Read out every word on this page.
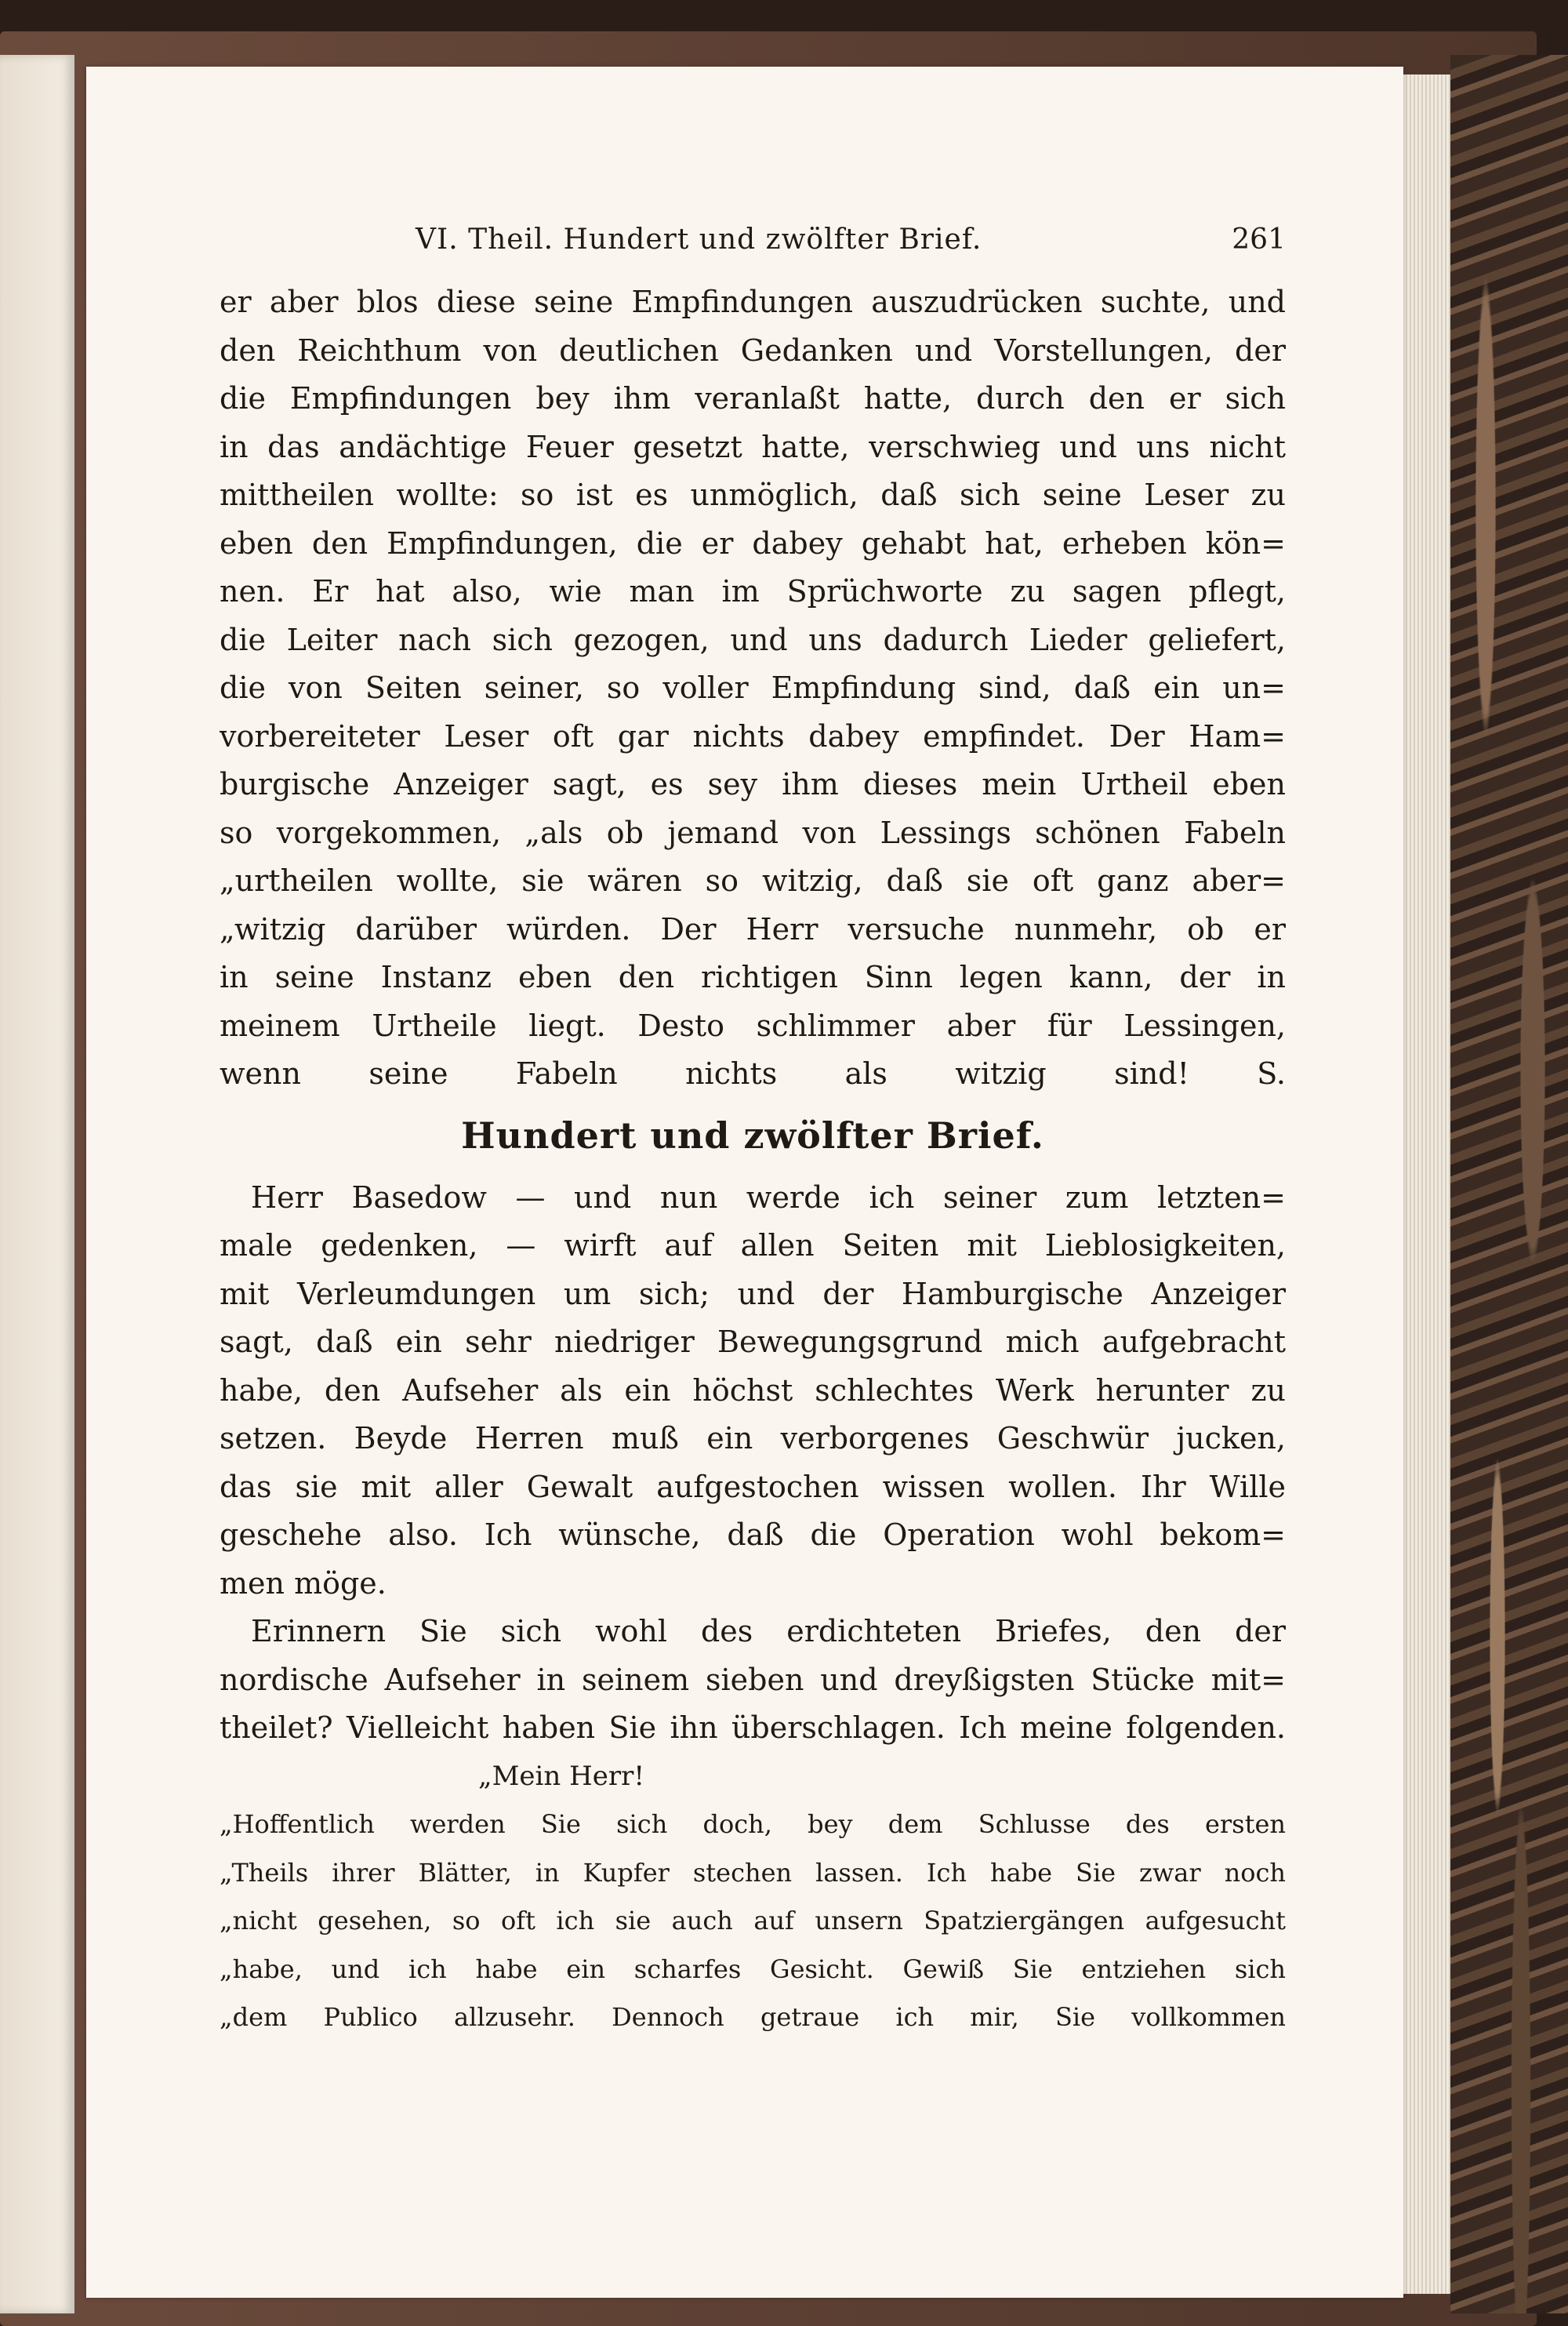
VI. Theil. Hundert und zwölfter Brief.	261
er aber blos diese seine Empfindungen auszudrücken suchte, und
den Reichthum von deutlichen Gedanken und Vorstellungen, der
die Empfindungen bey ihm veranlaßt hatte, durch den er sich
in das andächtige Feuer gesetzt hatte, verschwieg und uns nicht
mittheilen wollte: so ist es unmöglich, daß sich seine Leser zu
eben den Empfindungen, die er dabey gehabt hat, erheben kön=
nen. Er hat also, wie man im Sprüchworte zu sagen pflegt,
die Leiter nach sich gezogen, und uns dadurch Lieder geliefert,
die von Seiten seiner, so voller Empfindung sind, daß ein un=
vorbereiteter Leser oft gar nichts dabey empfindet. Der Ham=
burgische Anzeiger sagt, es sey ihm dieses mein Urtheil eben
so vorgekommen, „als ob jemand von Lessings schönen Fabeln
„urtheilen wollte, sie wären so witzig, daß sie oft ganz aber=
„witzig darüber würden. Der Herr versuche nunmehr, ob er
in seine Instanz eben den richtigen Sinn legen kann, der in
meinem Urtheile liegt. Desto schlimmer aber für Lessingen,
wenn seine Fabeln nichts als witzig sind! S.
Hundert und zwölfter Brief.
Herr Basedow — und nun werde ich seiner zum letzten=
male gedenken, — wirft auf allen Seiten mit Lieblosigkeiten,
mit Verleumdungen um sich; und der Hamburgische Anzeiger
sagt, daß ein sehr niedriger Bewegungsgrund mich aufgebracht
habe, den Aufseher als ein höchst schlechtes Werk herunter zu
setzen. Beyde Herren muß ein verborgenes Geschwür jucken,
das sie mit aller Gewalt aufgestochen wissen wollen. Ihr Wille
geschehe also. Ich wünsche, daß die Operation wohl bekom=
men möge.
Erinnern Sie sich wohl des erdichteten Briefes, den der
nordische Aufseher in seinem sieben und dreyßigsten Stücke mit=
theilet? Vielleicht haben Sie ihn überschlagen. Ich meine folgenden.
„Mein Herr!
„Hoffentlich werden Sie sich doch, bey dem Schlusse des ersten
„Theils ihrer Blätter, in Kupfer stechen lassen. Ich habe Sie zwar noch
„nicht gesehen, so oft ich sie auch auf unsern Spatziergängen aufgesucht
„habe, und ich habe ein scharfes Gesicht. Gewiß Sie entziehen sich
„dem Publico allzusehr. Dennoch getraue ich mir, Sie vollkommen
